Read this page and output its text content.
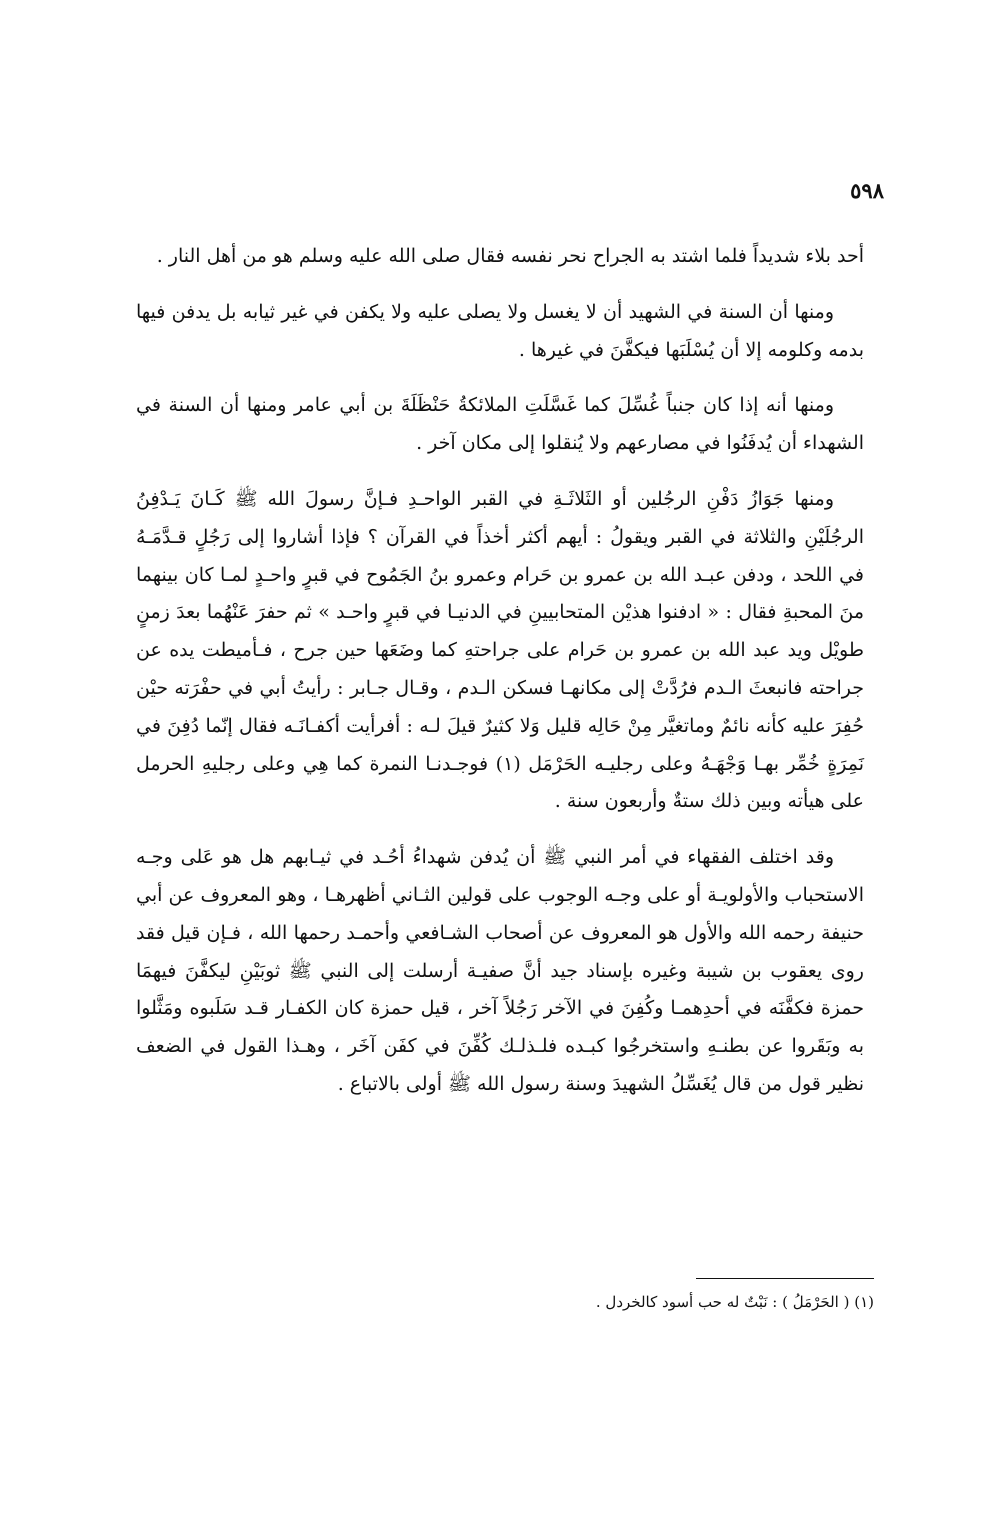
٥٩٨

أحد بلاء شديداً فلما اشتد به الجراح نحر نفسه فقال صلى الله عليه وسلم هو من أهل النار .

ومنها أن السنة في الشهيد أن لا يغسل ولا يصلى عليه ولا يكفن في غير ثيابه بل يدفن فيها بدمه وكلومه إلا أن يُسْلَبَها فيكفَّنَ في غيرها .

ومنها أنه إذا كان جنباً غُسِّلَ كما غَسَّلَتِ الملائكةُ حَنْظَلَةَ بن أبي عامر ومنها أن السنة في الشهداء أن يُدفَنُوا في مصارعهم ولا يُنقلوا إلى مكان آخر .

ومنها جَوَازُ دَفْنِ الرجُلين أو الثَلاثَـةِ في القبر الواحـدِ فـإنَّ رسولَ الله ﷺ كَـانَ يَـدْفِنُ الرجُلَيْنِ والثلاثة في القبر ويقولُ : أيهم أكثر أخذاً في القرآن ؟ فإذا أشاروا إلى رَجُلٍ قـدَّمَـهُ في اللحد ، ودفن عبـد الله بن عمرو بن حَرام وعمرو بنُ الجَمُوح في قبرٍ واحـدٍ لمـا كان بينهما منَ المحبةِ فقال : « ادفنوا هذيْن المتحابيينِ في الدنيـا في قبرٍ واحـد » ثم حفرَ عَنْهُما بعدَ زمنٍ طويْل ويد عبد الله بن عمرو بن حَرام على جراحتهِ كما وضَعَها حين جرح ، فـأميطت يده عن جراحته فانبعثَ الـدم فرُدَّتْ إلى مكانهـا فسكن الـدم ، وقـال جـابر : رأيتُ أبي في حفْرَته حيْن حُفِرَ عليه كأنه نائمٌ وماتغيَّر مِنْ حَالِه قليل وَلا كثيرٌ قيلَ لـه : أفرأيت أكفـانَـه فقال إنّما دُفِنَ في نَمِرَةٍ خُمِّر بهـا وَجْهَـهُ وعلى رجليـه الحَرْمَل (١) فوجـدنـا النمرة كما هِي وعلى رجليهِ الحرمل على هيأته وبين ذلك ستةٌ وأربعون سنة .

وقد اختلف الفقهاء في أمر النبي ﷺ أن يُدفن شهداءُ أحُـد في ثيـابهم هل هو عَلى وجـه الاستحباب والأولويـة أو على وجـه الوجوب على قولين الثـاني أظهرهـا ، وهو المعروف عن أبي حنيفة رحمه الله والأول هو المعروف عن أصحاب الشـافعي وأحمـد رحمها الله ، فـإن قيل فقد روى يعقوب بن شيبة وغيره بإسناد جيد أنَّ صفيـة أرسلت إلى النبي ﷺ ثوبَيْنِ ليكفَّنَ فيهمَا حمزة فكفَّنَه في أحدِهمـا وكُفِنَ في الآخر رَجُلاً آخر ، قيل حمزة كان الكفـار قـد سَلَبوه ومَثَّلوا به وبَقَروا عن بطنـهِ واستخرجُوا كبـده فلـذلـك كُفِّنَ في كفَن آخَر ، وهـذا القول في الضعف نظير قول من قال يُغَسِّلُ الشهيدَ وسنة رسول الله ﷺ أولى بالاتباع .

(١) ( الحَرْمَلُ ) : نَبْتٌ له حب أسود كالخردل .
